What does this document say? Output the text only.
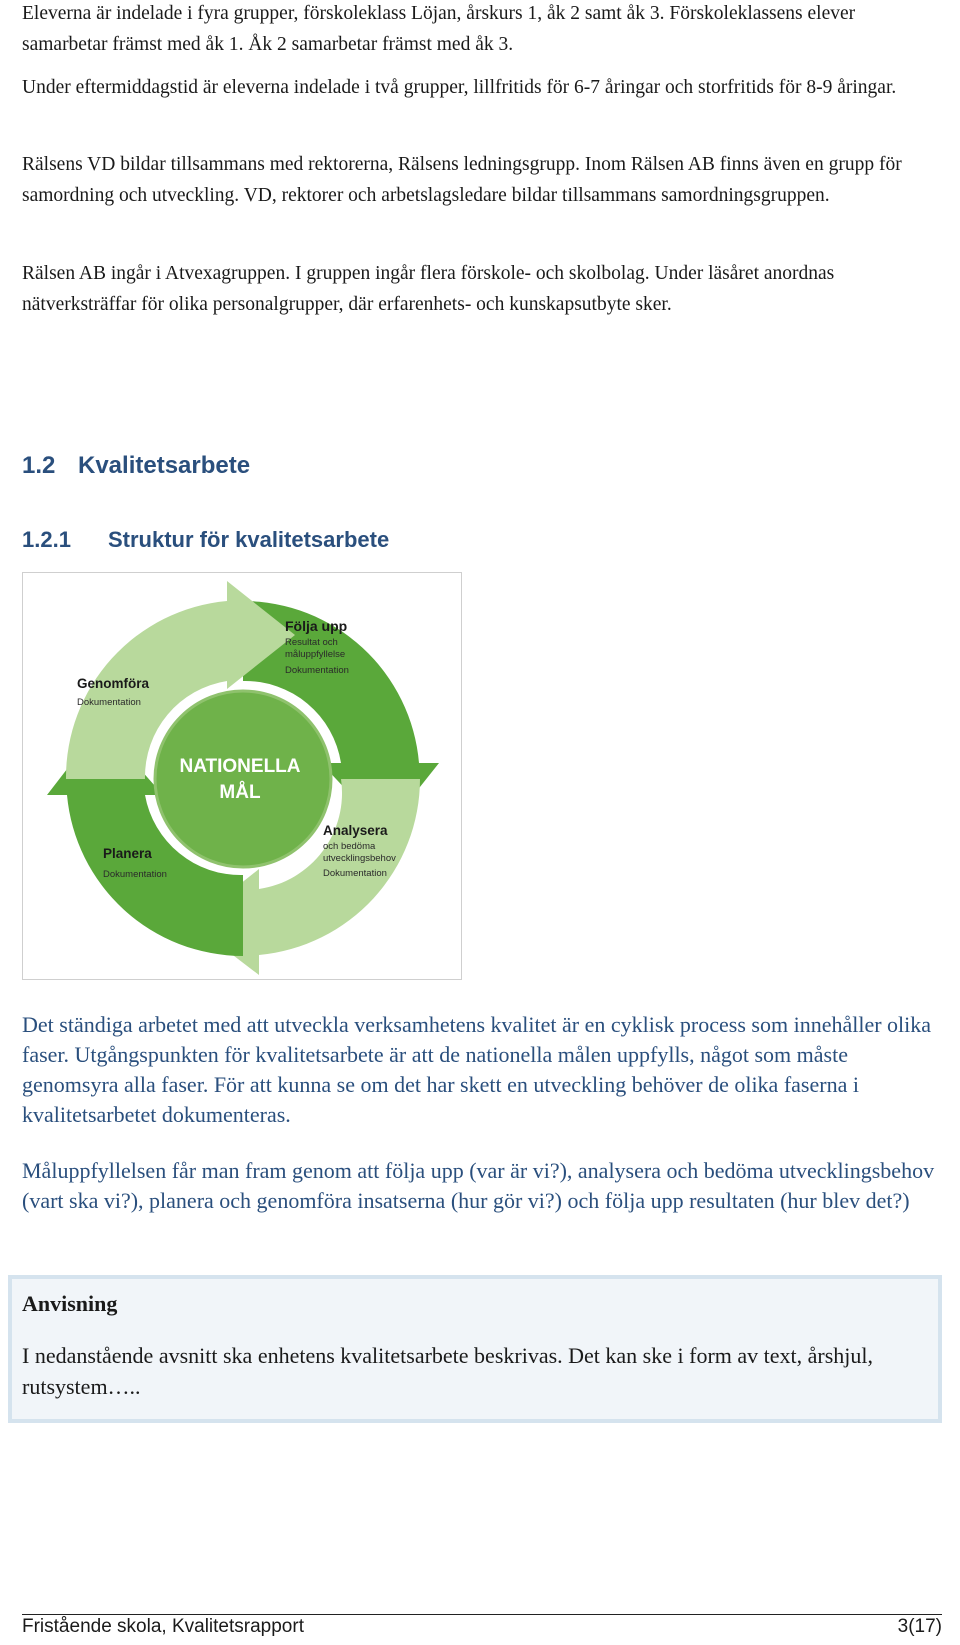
Eleverna är indelade i fyra grupper, förskoleklass Löjan, årskurs 1, åk 2 samt åk 3. Förskoleklassens elever samarbetar främst med åk 1. Åk 2 samarbetar främst med åk 3.

Under eftermiddagstid är eleverna indelade i två grupper, lillfritids för 6-7 åringar och storfritids för 8-9 åringar.

Rälsens VD bildar tillsammans med rektorerna, Rälsens ledningsgrupp. Inom Rälsen AB finns även en grupp för samordning och utveckling. VD, rektorer och arbetslagsledare bildar tillsammans samordningsgruppen.

Rälsen AB ingår i Atvexagruppen. I gruppen ingår flera förskole- och skolbolag. Under läsåret anordnas nätverksträffar för olika personalgrupper, där erfarenhets- och kunskapsutbyte sker.

1.2 Kvalitetsarbete
1.2.1 Struktur för kvalitetsarbete
NATIONELLA
MÅL
Följa upp
Resultat och
måluppfyllelse
Dokumentation
Genomföra
Dokumentation
Analysera
och bedöma
utvecklingsbehov
Dokumentation
Planera
Dokumentation

Det ständiga arbetet med att utveckla verksamhetens kvalitet är en cyklisk process som innehåller olika faser. Utgångspunkten för kvalitetsarbete är att de nationella målen uppfylls, något som måste genomsyra alla faser. För att kunna se om det har skett en utveckling behöver de olika faserna i kvalitetsarbetet dokumenteras.

Måluppfyllelsen får man fram genom att följa upp (var är vi?), analysera och bedöma utvecklingsbehov (vart ska vi?), planera och genomföra insatserna (hur gör vi?) och följa upp resultaten (hur blev det?)

Anvisning

I nedanstående avsnitt ska enhetens kvalitetsarbete beskrivas. Det kan ske i form av text, årshjul, rutsystem…..

Fristående skola, Kvalitetsrapport	3(17)
